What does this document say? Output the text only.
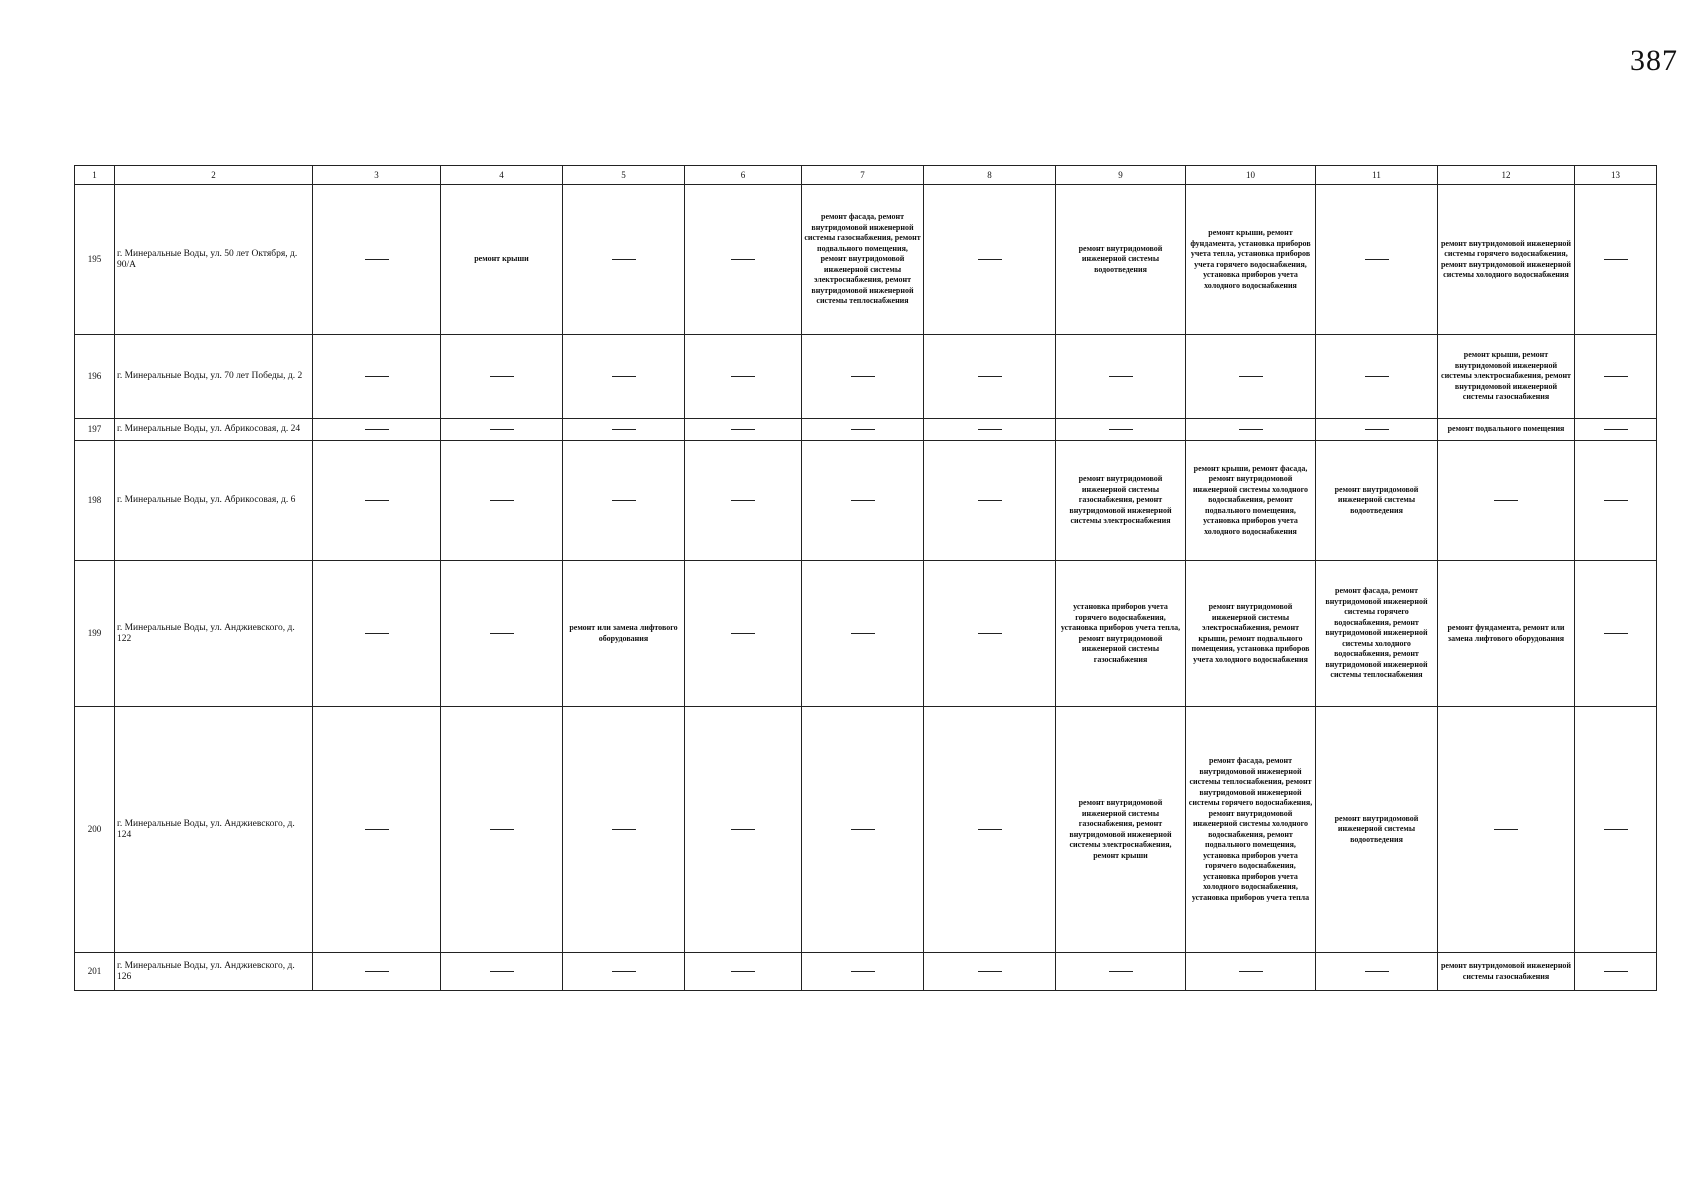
387
1	2	3	4	5	6	7	8	9	10	11	12	13
195	г. Минеральные Воды, ул. 50 лет Октября, д. 90/А		ремонт крыши			ремонт фасада, ремонт внутридомовой инженерной системы газоснабжения, ремонт подвального помещения, ремонт внутридомовой инженерной системы электроснабжения, ремонт внутридомовой инженерной системы теплоснабжения		ремонт внутридомовой инженерной системы водоотведения	ремонт крыши, ремонт фундамента, установка приборов учета тепла, установка приборов учета горячего водоснабжения, установка приборов учета холодного водоснабжения		ремонт внутридомовой инженерной системы горячего водоснабжения, ремонт внутридомовой инженерной системы холодного водоснабжения	
196	г. Минеральные Воды, ул. 70 лет Победы, д. 2										ремонт крыши, ремонт внутридомовой инженерной системы электроснабжения, ремонт внутридомовой инженерной системы газоснабжения	
197	г. Минеральные Воды, ул. Абрикосовая, д. 24										ремонт подвального помещения	
198	г. Минеральные Воды, ул. Абрикосовая, д. 6							ремонт внутридомовой инженерной системы газоснабжения, ремонт внутридомовой инженерной системы электроснабжения	ремонт крыши, ремонт фасада, ремонт внутридомовой инженерной системы холодного водоснабжения, ремонт подвального помещения, установка приборов учета холодного водоснабжения	ремонт внутридомовой инженерной системы водоотведения		
199	г. Минеральные Воды, ул. Анджиевского, д. 122			ремонт или замена лифтового оборудования				установка приборов учета горячего водоснабжения, установка приборов учета тепла, ремонт внутридомовой инженерной системы газоснабжения	ремонт внутридомовой инженерной системы электроснабжения, ремонт крыши, ремонт подвального помещения, установка приборов учета холодного водоснабжения	ремонт фасада, ремонт внутридомовой инженерной системы горячего водоснабжения, ремонт внутридомовой инженерной системы холодного водоснабжения, ремонт внутридомовой инженерной системы теплоснабжения	ремонт фундамента, ремонт или замена лифтового оборудования	
200	г. Минеральные Воды, ул. Анджиевского, д. 124							ремонт внутридомовой инженерной системы газоснабжения, ремонт внутридомовой инженерной системы электроснабжения, ремонт крыши	ремонт фасада, ремонт внутридомовой инженерной системы теплоснабжения, ремонт внутридомовой инженерной системы горячего водоснабжения, ремонт внутридомовой инженерной системы холодного водоснабжения, ремонт подвального помещения, установка приборов учета горячего водоснабжения, установка приборов учета холодного водоснабжения, установка приборов учета тепла	ремонт внутридомовой инженерной системы водоотведения		
201	г. Минеральные Воды, ул. Анджиевского, д. 126										ремонт внутридомовой инженерной системы газоснабжения	
